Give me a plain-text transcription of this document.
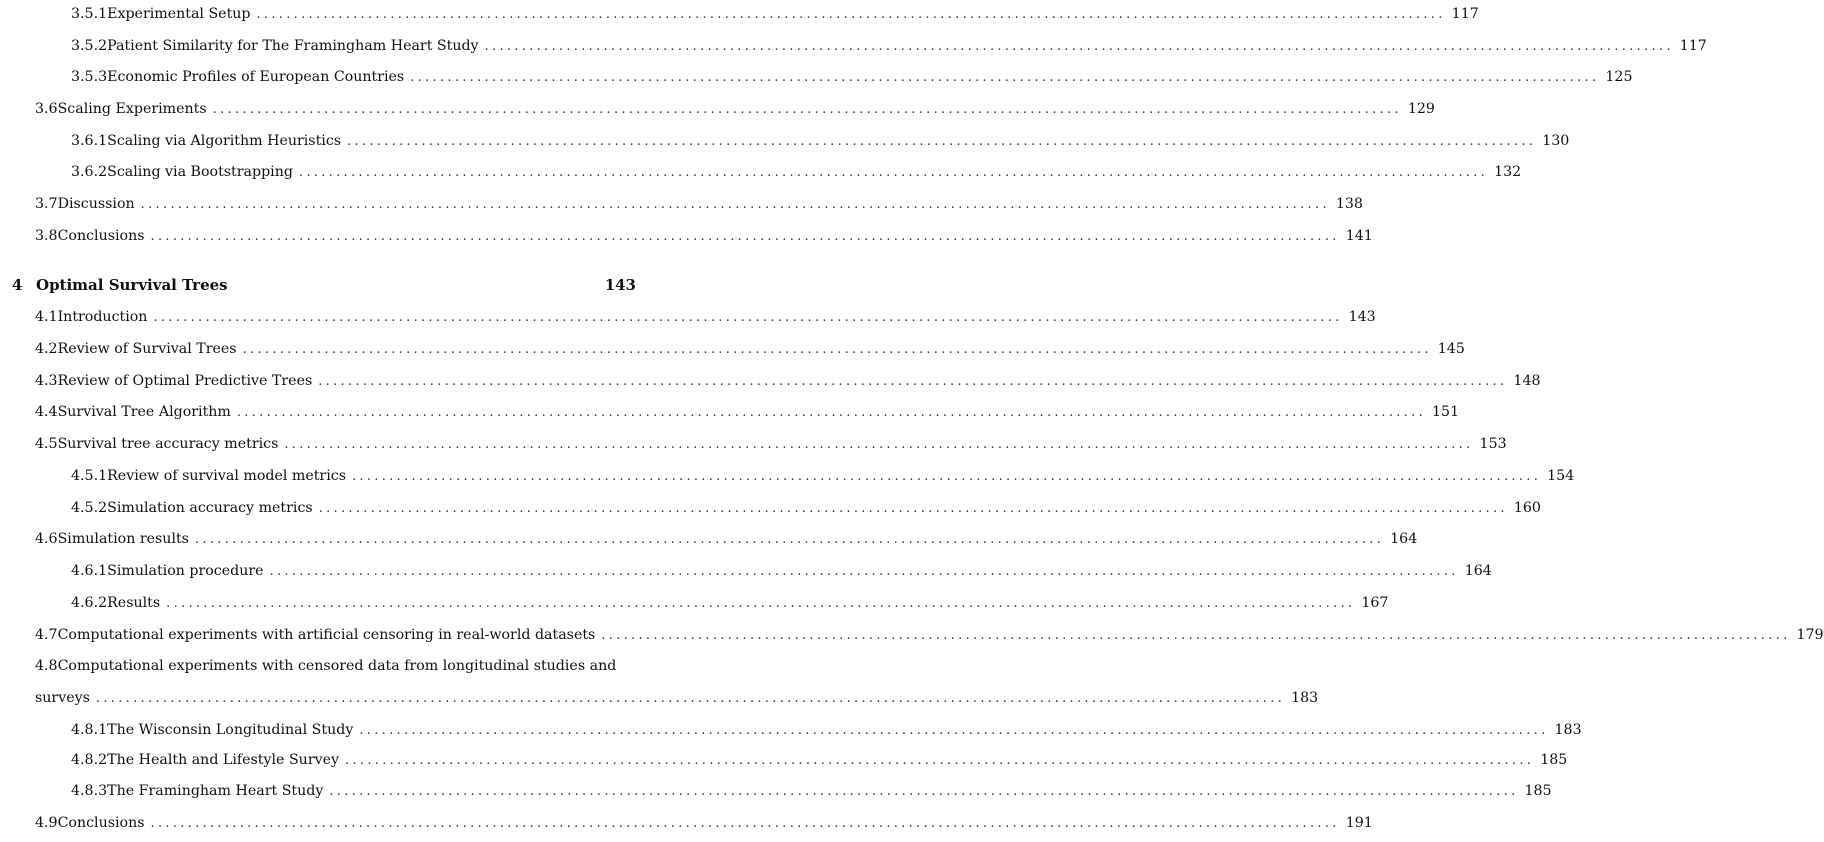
3.5.1 Experimental Setup ................................................................................................................................................................ 117
3.5.2 Patient Similarity for The Framingham Heart Study ................................................................................................................................................................ 117
3.5.3 Economic Profiles of European Countries ................................................................................................................................................................ 125
3.6 Scaling Experiments ................................................................................................................................................................ 129
3.6.1 Scaling via Algorithm Heuristics ................................................................................................................................................................ 130
3.6.2 Scaling via Bootstrapping ................................................................................................................................................................ 132
3.7 Discussion ................................................................................................................................................................ 138
3.8 Conclusions ................................................................................................................................................................ 141
4 Optimal Survival Trees	143
4.1 Introduction ................................................................................................................................................................ 143
4.2 Review of Survival Trees ................................................................................................................................................................ 145
4.3 Review of Optimal Predictive Trees ................................................................................................................................................................ 148
4.4 Survival Tree Algorithm ................................................................................................................................................................ 151
4.5 Survival tree accuracy metrics ................................................................................................................................................................ 153
4.5.1 Review of survival model metrics ................................................................................................................................................................ 154
4.5.2 Simulation accuracy metrics ................................................................................................................................................................ 160
4.6 Simulation results ................................................................................................................................................................ 164
4.6.1 Simulation procedure ................................................................................................................................................................ 164
4.6.2 Results ................................................................................................................................................................ 167
4.7 Computational experiments with artificial censoring in real-world datasets ................................................................................................................................................................ 179
4.8 Computational experiments with censored data from longitudinal studies and
surveys ................................................................................................................................................................ 183
4.8.1 The Wisconsin Longitudinal Study ................................................................................................................................................................ 183
4.8.2 The Health and Lifestyle Survey ................................................................................................................................................................ 185
4.8.3 The Framingham Heart Study ................................................................................................................................................................ 185
4.9 Conclusions ................................................................................................................................................................ 191
